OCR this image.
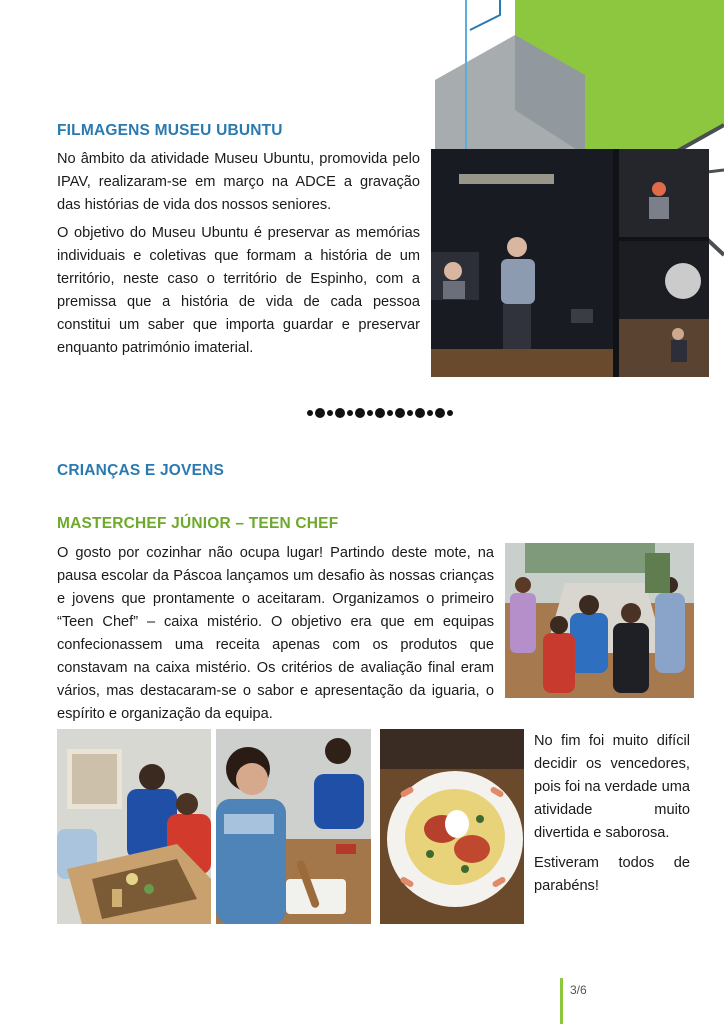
FILMAGENS MUSEU UBUNTU

No âmbito da atividade Museu Ubuntu, promovida pelo IPAV, realizaram-se em março na ADCE a gravação das histórias de vida dos nossos seniores.

O objetivo do Museu Ubuntu é preservar as memórias individuais e coletivas que formam a história de um território, neste caso o território de Espinho, com a premissa que a história de vida de cada pessoa constitui um saber que importa guardar e preservar enquanto património imaterial.

CRIANÇAS E JOVENS
MASTERCHEF JÚNIOR – TEEN CHEF

O gosto por cozinhar não ocupa lugar! Partindo deste mote, na pausa escolar da Páscoa lançamos um desafio às nossas crianças e jovens que prontamente o aceitaram. Organizamos o primeiro “Teen Chef” – caixa mistério. O objetivo era que em equipas confecionassem uma receita apenas com os produtos que constavam na caixa mistério. Os critérios de avaliação final eram vários, mas destacaram-se o sabor e apresentação da iguaria, o espírito e organização da equipa.

No fim foi muito difícil decidir os vencedores, pois foi na verdade uma atividade muito divertida e saborosa.

Estiveram todos de parabéns!

3/6
